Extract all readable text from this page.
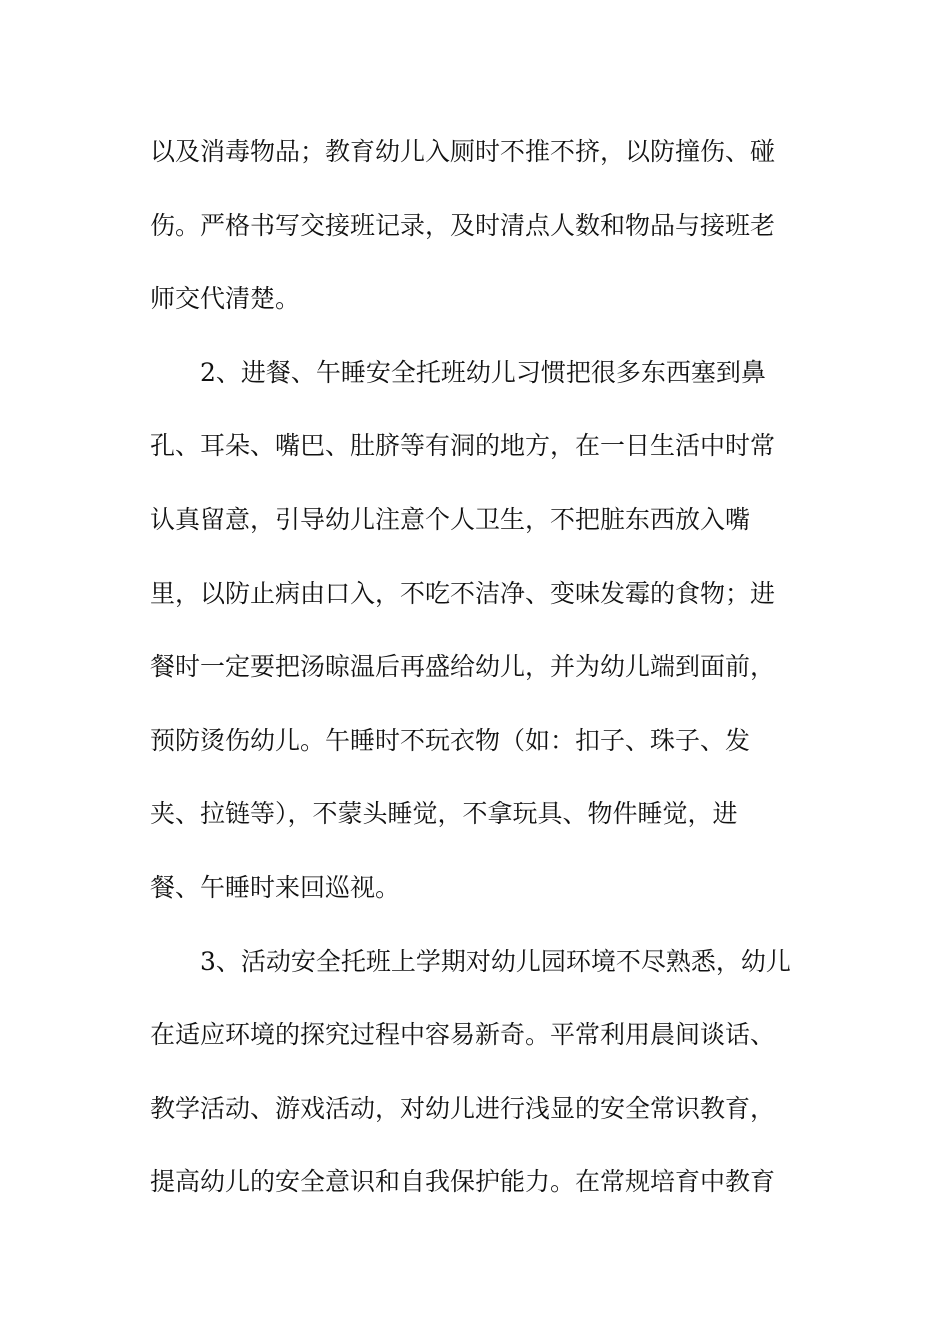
以及消毒物品；教育幼儿入厕时不推不挤，以防撞伤、碰
伤。严格书写交接班记录，及时清点人数和物品与接班老
师交代清楚。
2、进餐、午睡安全托班幼儿习惯把很多东西塞到鼻
孔、耳朵、嘴巴、肚脐等有洞的地方，在一日生活中时常
认真留意，引导幼儿注意个人卫生，不把脏东西放入嘴
里，以防止病由口入，不吃不洁净、变味发霉的食物；进
餐时一定要把汤晾温后再盛给幼儿，并为幼儿端到面前，
预防烫伤幼儿。午睡时不玩衣物（如：扣子、珠子、发
夹、拉链等），不蒙头睡觉，不拿玩具、物件睡觉，进
餐、午睡时来回巡视。
3、活动安全托班上学期对幼儿园环境不尽熟悉，幼儿
在适应环境的探究过程中容易新奇。平常利用晨间谈话、
教学活动、游戏活动，对幼儿进行浅显的安全常识教育，
提高幼儿的安全意识和自我保护能力。在常规培育中教育
